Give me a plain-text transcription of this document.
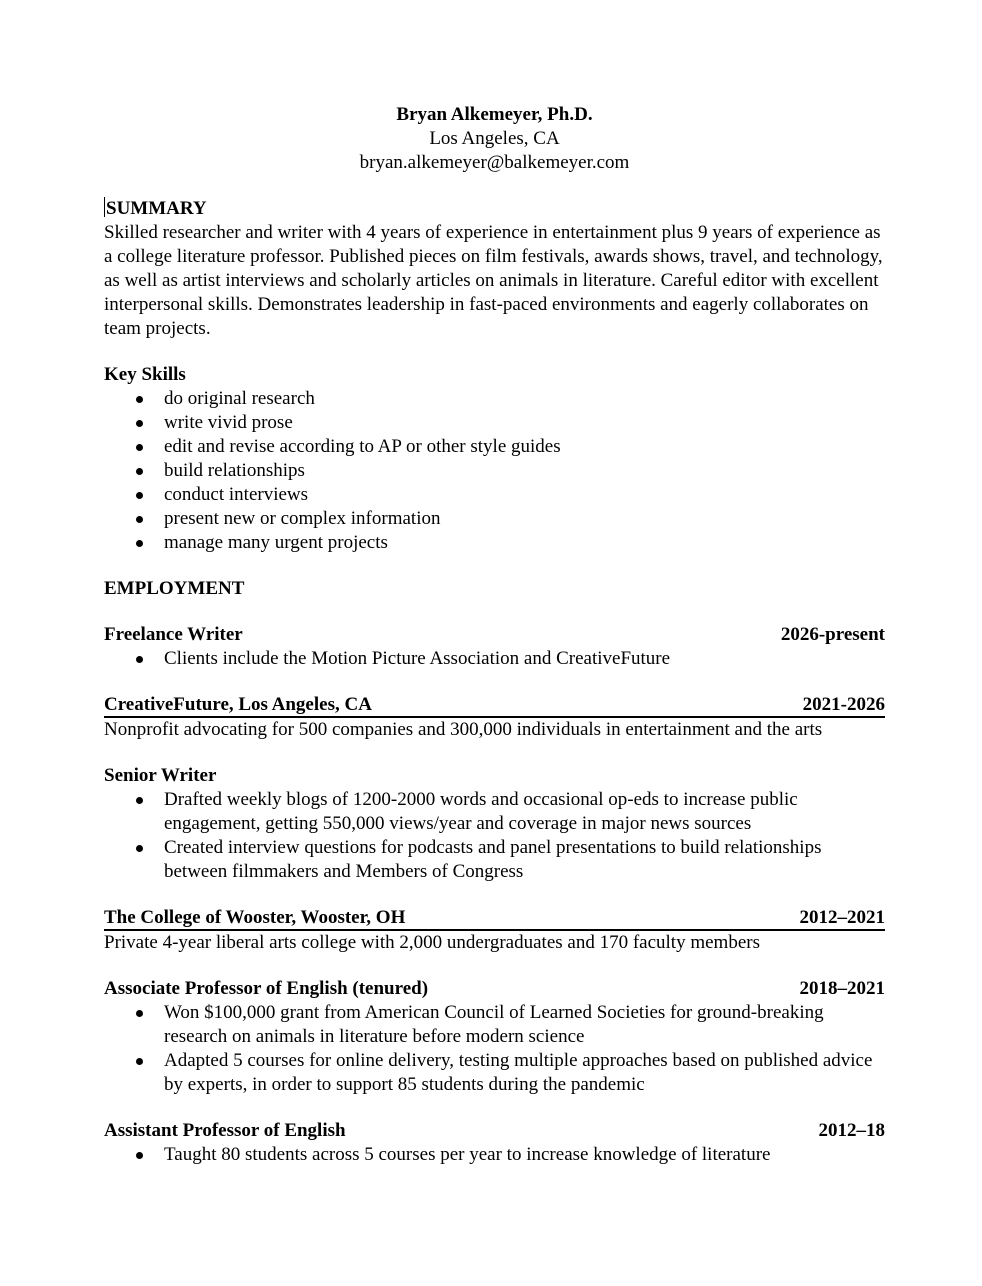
Bryan Alkemeyer, Ph.D.
Los Angeles, CA
bryan.alkemeyer@balkemeyer.com
SUMMARY

Skilled researcher and writer with 4 years of experience in entertainment plus 9 years of experience as a college literature professor. Published pieces on film festivals, awards shows, travel, and technology, as well as artist interviews and scholarly articles on animals in literature. Careful editor with excellent interpersonal skills. Demonstrates leadership in fast-paced environments and eagerly collaborates on team projects.

Key Skills
do original research
write vivid prose
edit and revise according to AP or other style guides
build relationships
conduct interviews
present new or complex information
manage many urgent projects
EMPLOYMENT
Freelance Writer	2026-present
Clients include the Motion Picture Association and CreativeFuture
CreativeFuture, Los Angeles, CA	2021-2026
Nonprofit advocating for 500 companies and 300,000 individuals in entertainment and the arts
Senior Writer
Drafted weekly blogs of 1200-2000 words and occasional op-eds to increase public engagement, getting 550,000 views/year and coverage in major news sources
Created interview questions for podcasts and panel presentations to build relationships between filmmakers and Members of Congress
The College of Wooster, Wooster, OH	2012–2021
Private 4-year liberal arts college with 2,000 undergraduates and 170 faculty members
Associate Professor of English (tenured)	2018–2021
Won $100,000 grant from American Council of Learned Societies for ground-breaking research on animals in literature before modern science
Adapted 5 courses for online delivery, testing multiple approaches based on published advice by experts, in order to support 85 students during the pandemic
Assistant Professor of English	2012–18
Taught 80 students across 5 courses per year to increase knowledge of literature
